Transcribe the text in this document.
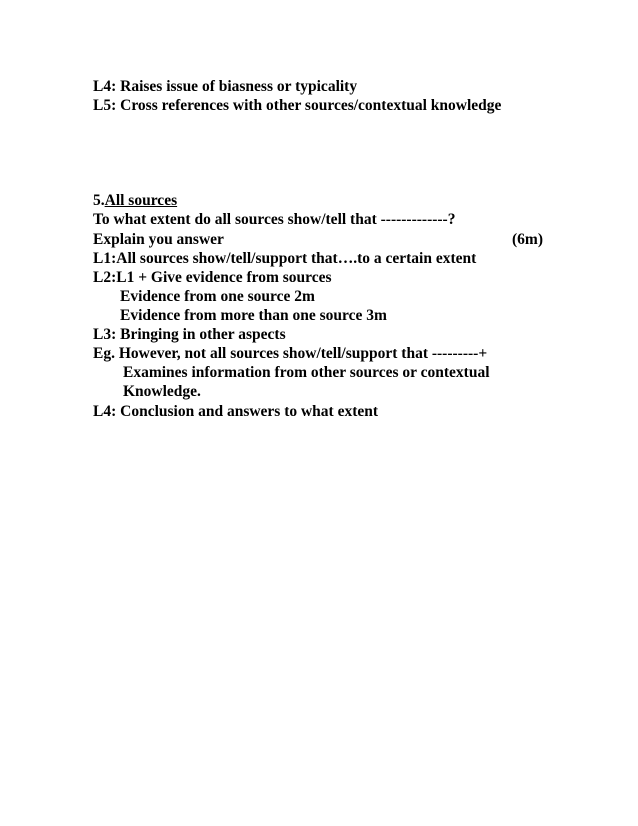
L4: Raises issue of biasness or typicality
L5: Cross references with other sources/contextual knowledge
5.All sources
To what extent do all sources show/tell that -------------?
Explain you answer	(6m)
L1:All sources show/tell/support that….to a certain extent
L2:L1 + Give evidence from sources
Evidence from one source 2m
Evidence from more than one source 3m
L3: Bringing in other aspects
Eg. However, not all sources show/tell/support that ---------+
Examines information from other sources or contextual
Knowledge.
L4: Conclusion and answers to what extent
